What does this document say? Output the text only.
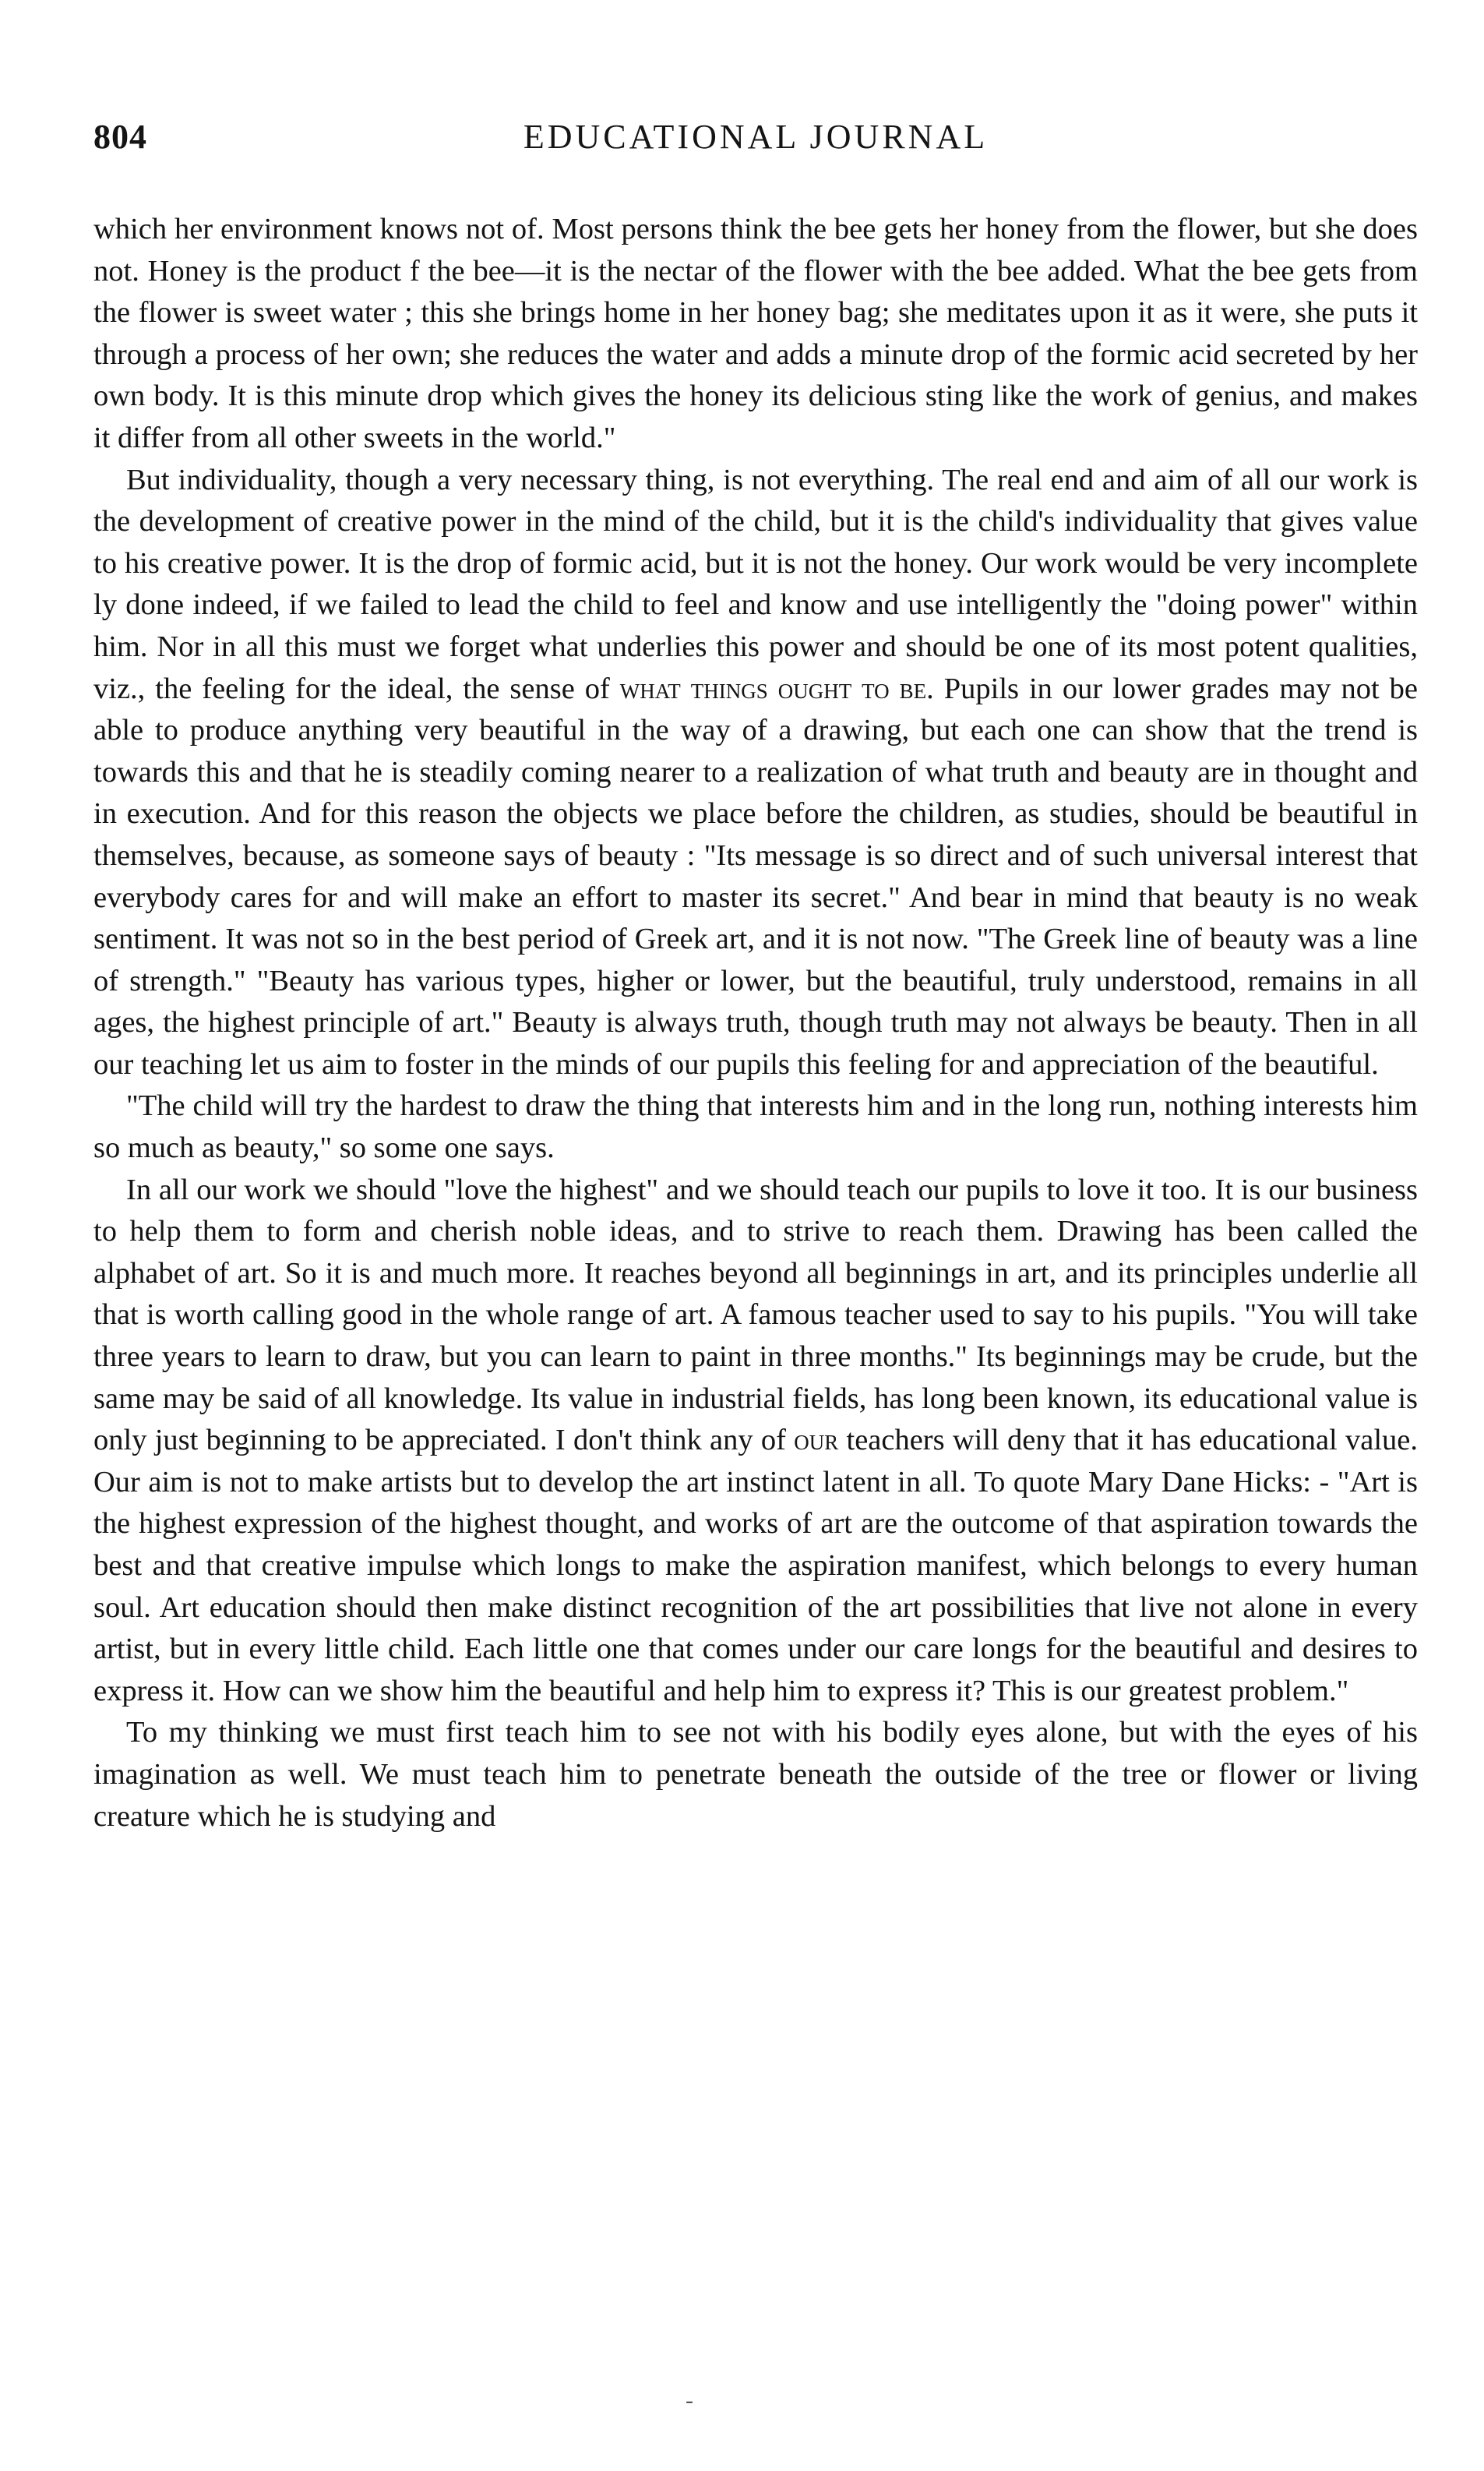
804	EDUCATIONAL JOURNAL

which her environment knows not of. Most persons think the bee gets her honey from the flower, but she does not. Honey is the product f the bee—it is the nectar of the flower with the bee added. What the bee gets from the flower is sweet water ; this she brings home in her honey bag; she meditates upon it as it were, she puts it through a process of her own; she reduces the water and adds a minute drop of the formic acid secreted by her own body. It is this minute drop which gives the honey its delicious sting like the work of genius, and makes it differ from all other sweets in the world."

But individuality, though a very necessary thing, is not everything. The real end and aim of all our work is the development of creative power in the mind of the child, but it is the child's individuality that gives value to his creative power. It is the drop of formic acid, but it is not the honey. Our work would be very incomplete ly done indeed, if we failed to lead the child to feel and know and use intelligently the "doing power" within him. Nor in all this must we forget what underlies this power and should be one of its most potent qualities, viz., the feeling for the ideal, the sense of what things ought to be. Pupils in our lower grades may not be able to produce anything very beautiful in the way of a drawing, but each one can show that the trend is towards this and that he is steadily coming nearer to a realization of what truth and beauty are in thought and in execution. And for this reason the objects we place before the children, as studies, should be beautiful in themselves, because, as someone says of beauty : "Its message is so direct and of such universal interest that everybody cares for and will make an effort to master its secret." And bear in mind that beauty is no weak sentiment. It was not so in the best period of Greek art, and it is not now. "The Greek line of beauty was a line of strength." "Beauty has various types, higher or lower, but the beautiful, truly understood, remains in all ages, the highest principle of art." Beauty is always truth, though truth may not always be beauty. Then in all our teaching let us aim to foster in the minds of our pupils this feeling for and appreciation of the beautiful.

"The child will try the hardest to draw the thing that interests him and in the long run, nothing interests him so much as beauty," so some one says.

In all our work we should "love the highest" and we should teach our pupils to love it too. It is our business to help them to form and cherish noble ideas, and to strive to reach them. Drawing has been called the alphabet of art. So it is and much more. It reaches beyond all beginnings in art, and its principles underlie all that is worth calling good in the whole range of art. A famous teacher used to say to his pupils. "You will take three years to learn to draw, but you can learn to paint in three months." Its beginnings may be crude, but the same may be said of all knowledge. Its value in industrial fields, has long been known, its educational value is only just beginning to be appreciated. I don't think any of our teachers will deny that it has educational value. Our aim is not to make artists but to develop the art instinct latent in all. To quote Mary Dane Hicks: - "Art is the highest expression of the highest thought, and works of art are the outcome of that aspiration towards the best and that creative impulse which longs to make the aspiration manifest, which belongs to every human soul. Art education should then make distinct recognition of the art possibilities that live not alone in every artist, but in every little child. Each little one that comes under our care longs for the beautiful and desires to express it. How can we show him the beautiful and help him to express it? This is our greatest problem."

To my thinking we must first teach him to see not with his bodily eyes alone, but with the eyes of his imagination as well. We must teach him to penetrate beneath the outside of the tree or flower or living creature which he is studying and

-
